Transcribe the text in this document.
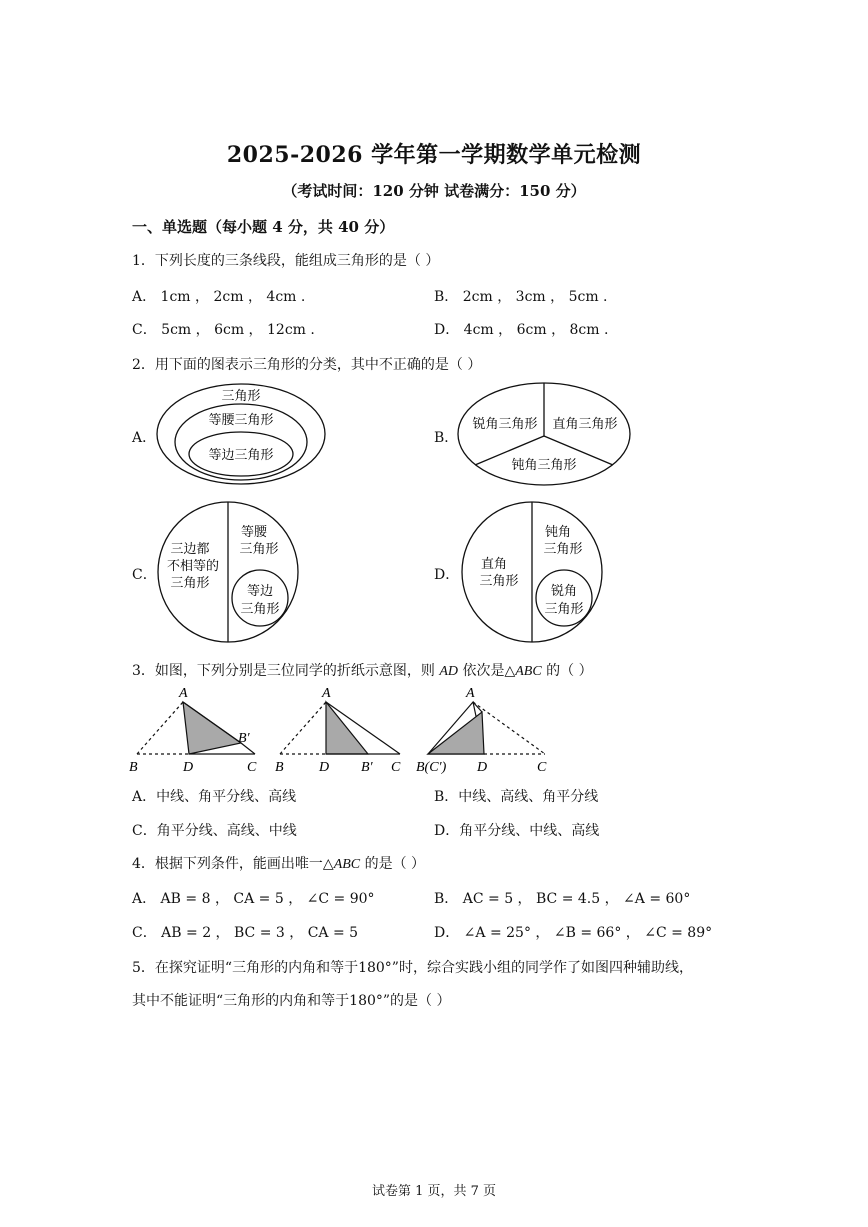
2025-2026 学年第一学期数学单元检测
（考试时间：120 分钟 试卷满分：150 分）
一、单选题（每小题 4 分，共 40 分）
1．下列长度的三条线段，能组成三角形的是（ ）
A． 1cm ， 2cm ， 4cm .	B． 2cm ， 3cm ， 5cm .
C． 5cm ， 6cm ， 12cm .	D． 4cm ， 6cm ， 8cm .
2．用下面的图表示三角形的分类，其中不正确的是（ ）
A．
三角形
等腰三角形
等边三角形
B．
锐角三角形 直角三角形
钝角三角形
C．
三边都
不相等的
三角形
等腰
三角形
等边
三角形
D．
直角
三角形
钝角
三角形
锐角
三角形
3．如图，下列分别是三位同学的折纸示意图，则 AD 依次是△ABC 的（ ）
A
B	D	C
B′
A
B	D B′ C
A
B(C′) D	C
A．中线、角平分线、高线	B．中线、高线、角平分线
C．角平分线、高线、中线	D．角平分线、中线、高线
4．根据下列条件，能画出唯一△ABC 的是（ ）
A． AB = 8 ， CA = 5 ， ∠C = 90°	B． AC = 5 ， BC = 4.5 ， ∠A = 60°
C． AB = 2 ， BC = 3 ， CA = 5	D． ∠A = 25° ， ∠B = 66° ， ∠C = 89°
5．在探究证明“三角形的内角和等于180°”时，综合实践小组的同学作了如图四种辅助线，
其中不能证明“三角形的内角和等于180°”的是（ ）
试卷第 1 页，共 7 页
